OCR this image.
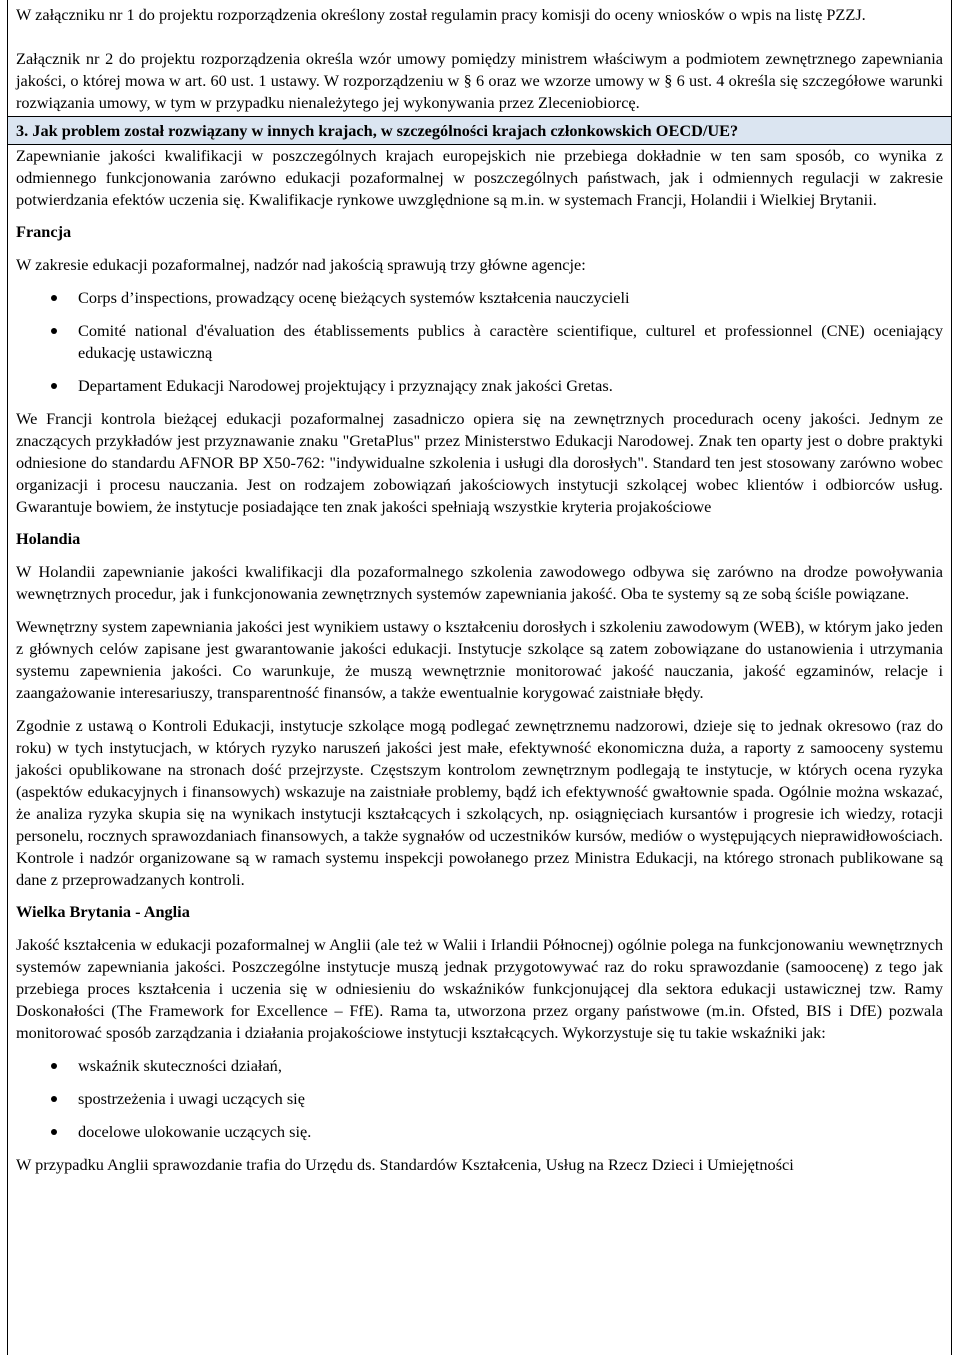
W załączniku nr 1 do projektu rozporządzenia określony został regulamin pracy komisji do oceny wniosków o wpis na listę PZZJ.

Załącznik nr 2 do projektu rozporządzenia określa wzór umowy pomiędzy ministrem właściwym a podmiotem zewnętrznego zapewniania jakości, o której mowa w art. 60 ust. 1 ustawy. W rozporządzeniu w § 6 oraz we wzorze umowy w § 6 ust. 4 określa się szczegółowe warunki rozwiązania umowy, w tym w przypadku nienależytego jej wykonywania przez Zleceniobiorcę.

3. Jak problem został rozwiązany w innych krajach, w szczególności krajach członkowskich OECD/UE?

Zapewnianie jakości kwalifikacji w poszczególnych krajach europejskich nie przebiega dokładnie w ten sam sposób, co wynika z odmiennego funkcjonowania zarówno edukacji pozaformalnej w poszczególnych państwach, jak i odmiennych regulacji w zakresie potwierdzania efektów uczenia się. Kwalifikacje rynkowe uwzględnione są m.in. w systemach Francji, Holandii i Wielkiej Brytanii.

Francja

W zakresie edukacji pozaformalnej, nadzór nad jakością sprawują trzy główne agencje:

Corps d’inspections, prowadzący ocenę bieżących systemów kształcenia nauczycieli
Comité national d'évaluation des établissements publics à caractère scientifique, culturel et professionnel (CNE) oceniający edukację ustawiczną
Departament Edukacji Narodowej projektujący i przyznający znak jakości Gretas.

We Francji kontrola bieżącej edukacji pozaformalnej zasadniczo opiera się na zewnętrznych procedurach oceny jakości. Jednym ze znaczących przykładów jest przyznawanie znaku "GretaPlus" przez Ministerstwo Edukacji Narodowej. Znak ten oparty jest o dobre praktyki odniesione do standardu AFNOR BP X50-762: "indywidualne szkolenia i usługi dla dorosłych". Standard ten jest stosowany zarówno wobec organizacji i procesu nauczania. Jest on rodzajem zobowiązań jakościowych instytucji szkolącej wobec klientów i odbiorców usług. Gwarantuje bowiem, że instytucje posiadające ten znak jakości spełniają wszystkie kryteria projakościowe

Holandia

W Holandii zapewnianie jakości kwalifikacji dla pozaformalnego szkolenia zawodowego odbywa się zarówno na drodze powoływania wewnętrznych procedur, jak i funkcjonowania zewnętrznych systemów zapewniania jakość. Oba te systemy są ze sobą ściśle powiązane.

Wewnętrzny system zapewniania jakości jest wynikiem ustawy o kształceniu dorosłych i szkoleniu zawodowym (WEB), w którym jako jeden z głównych celów zapisane jest gwarantowanie jakości edukacji. Instytucje szkolące są zatem zobowiązane do ustanowienia i utrzymania systemu zapewnienia jakości. Co warunkuje, że muszą wewnętrznie monitorować jakość nauczania, jakość egzaminów, relacje i zaangażowanie interesariuszy, transparentność finansów, a także ewentualnie korygować zaistniałe błędy.

Zgodnie z ustawą o Kontroli Edukacji, instytucje szkolące mogą podlegać zewnętrznemu nadzorowi, dzieje się to jednak okresowo (raz do roku) w tych instytucjach, w których ryzyko naruszeń jakości jest małe, efektywność ekonomiczna duża, a raporty z samooceny systemu jakości opublikowane na stronach dość przejrzyste. Częstszym kontrolom zewnętrznym podlegają te instytucje, w których ocena ryzyka (aspektów edukacyjnych i finansowych) wskazuje na zaistniałe problemy, bądź ich efektywność gwałtownie spada. Ogólnie można wskazać, że analiza ryzyka skupia się na wynikach instytucji kształcących i szkolących, np. osiągnięciach kursantów i progresie ich wiedzy, rotacji personelu, rocznych sprawozdaniach finansowych, a także sygnałów od uczestników kursów, mediów o występujących nieprawidłowościach. Kontrole i nadzór organizowane są w ramach systemu inspekcji powołanego przez Ministra Edukacji, na którego stronach publikowane są dane z przeprowadzanych kontroli.

Wielka Brytania - Anglia

Jakość kształcenia w edukacji pozaformalnej w Anglii (ale też w Walii i Irlandii Północnej) ogólnie polega na funkcjonowaniu wewnętrznych systemów zapewniania jakości. Poszczególne instytucje muszą jednak przygotowywać raz do roku sprawozdanie (samoocenę) z tego jak przebiega proces kształcenia i uczenia się w odniesieniu do wskaźników funkcjonującej dla sektora edukacji ustawicznej tzw. Ramy Doskonałości (The Framework for Excellence – FfE). Rama ta, utworzona przez organy państwowe (m.in. Ofsted, BIS i DfE) pozwala monitorować sposób zarządzania i działania projakościowe instytucji kształcących. Wykorzystuje się tu takie wskaźniki jak:

wskaźnik skuteczności działań,
spostrzeżenia i uwagi uczących się
docelowe ulokowanie uczących się.

W przypadku Anglii sprawozdanie trafia do Urzędu ds. Standardów Kształcenia, Usług na Rzecz Dzieci i Umiejętności
